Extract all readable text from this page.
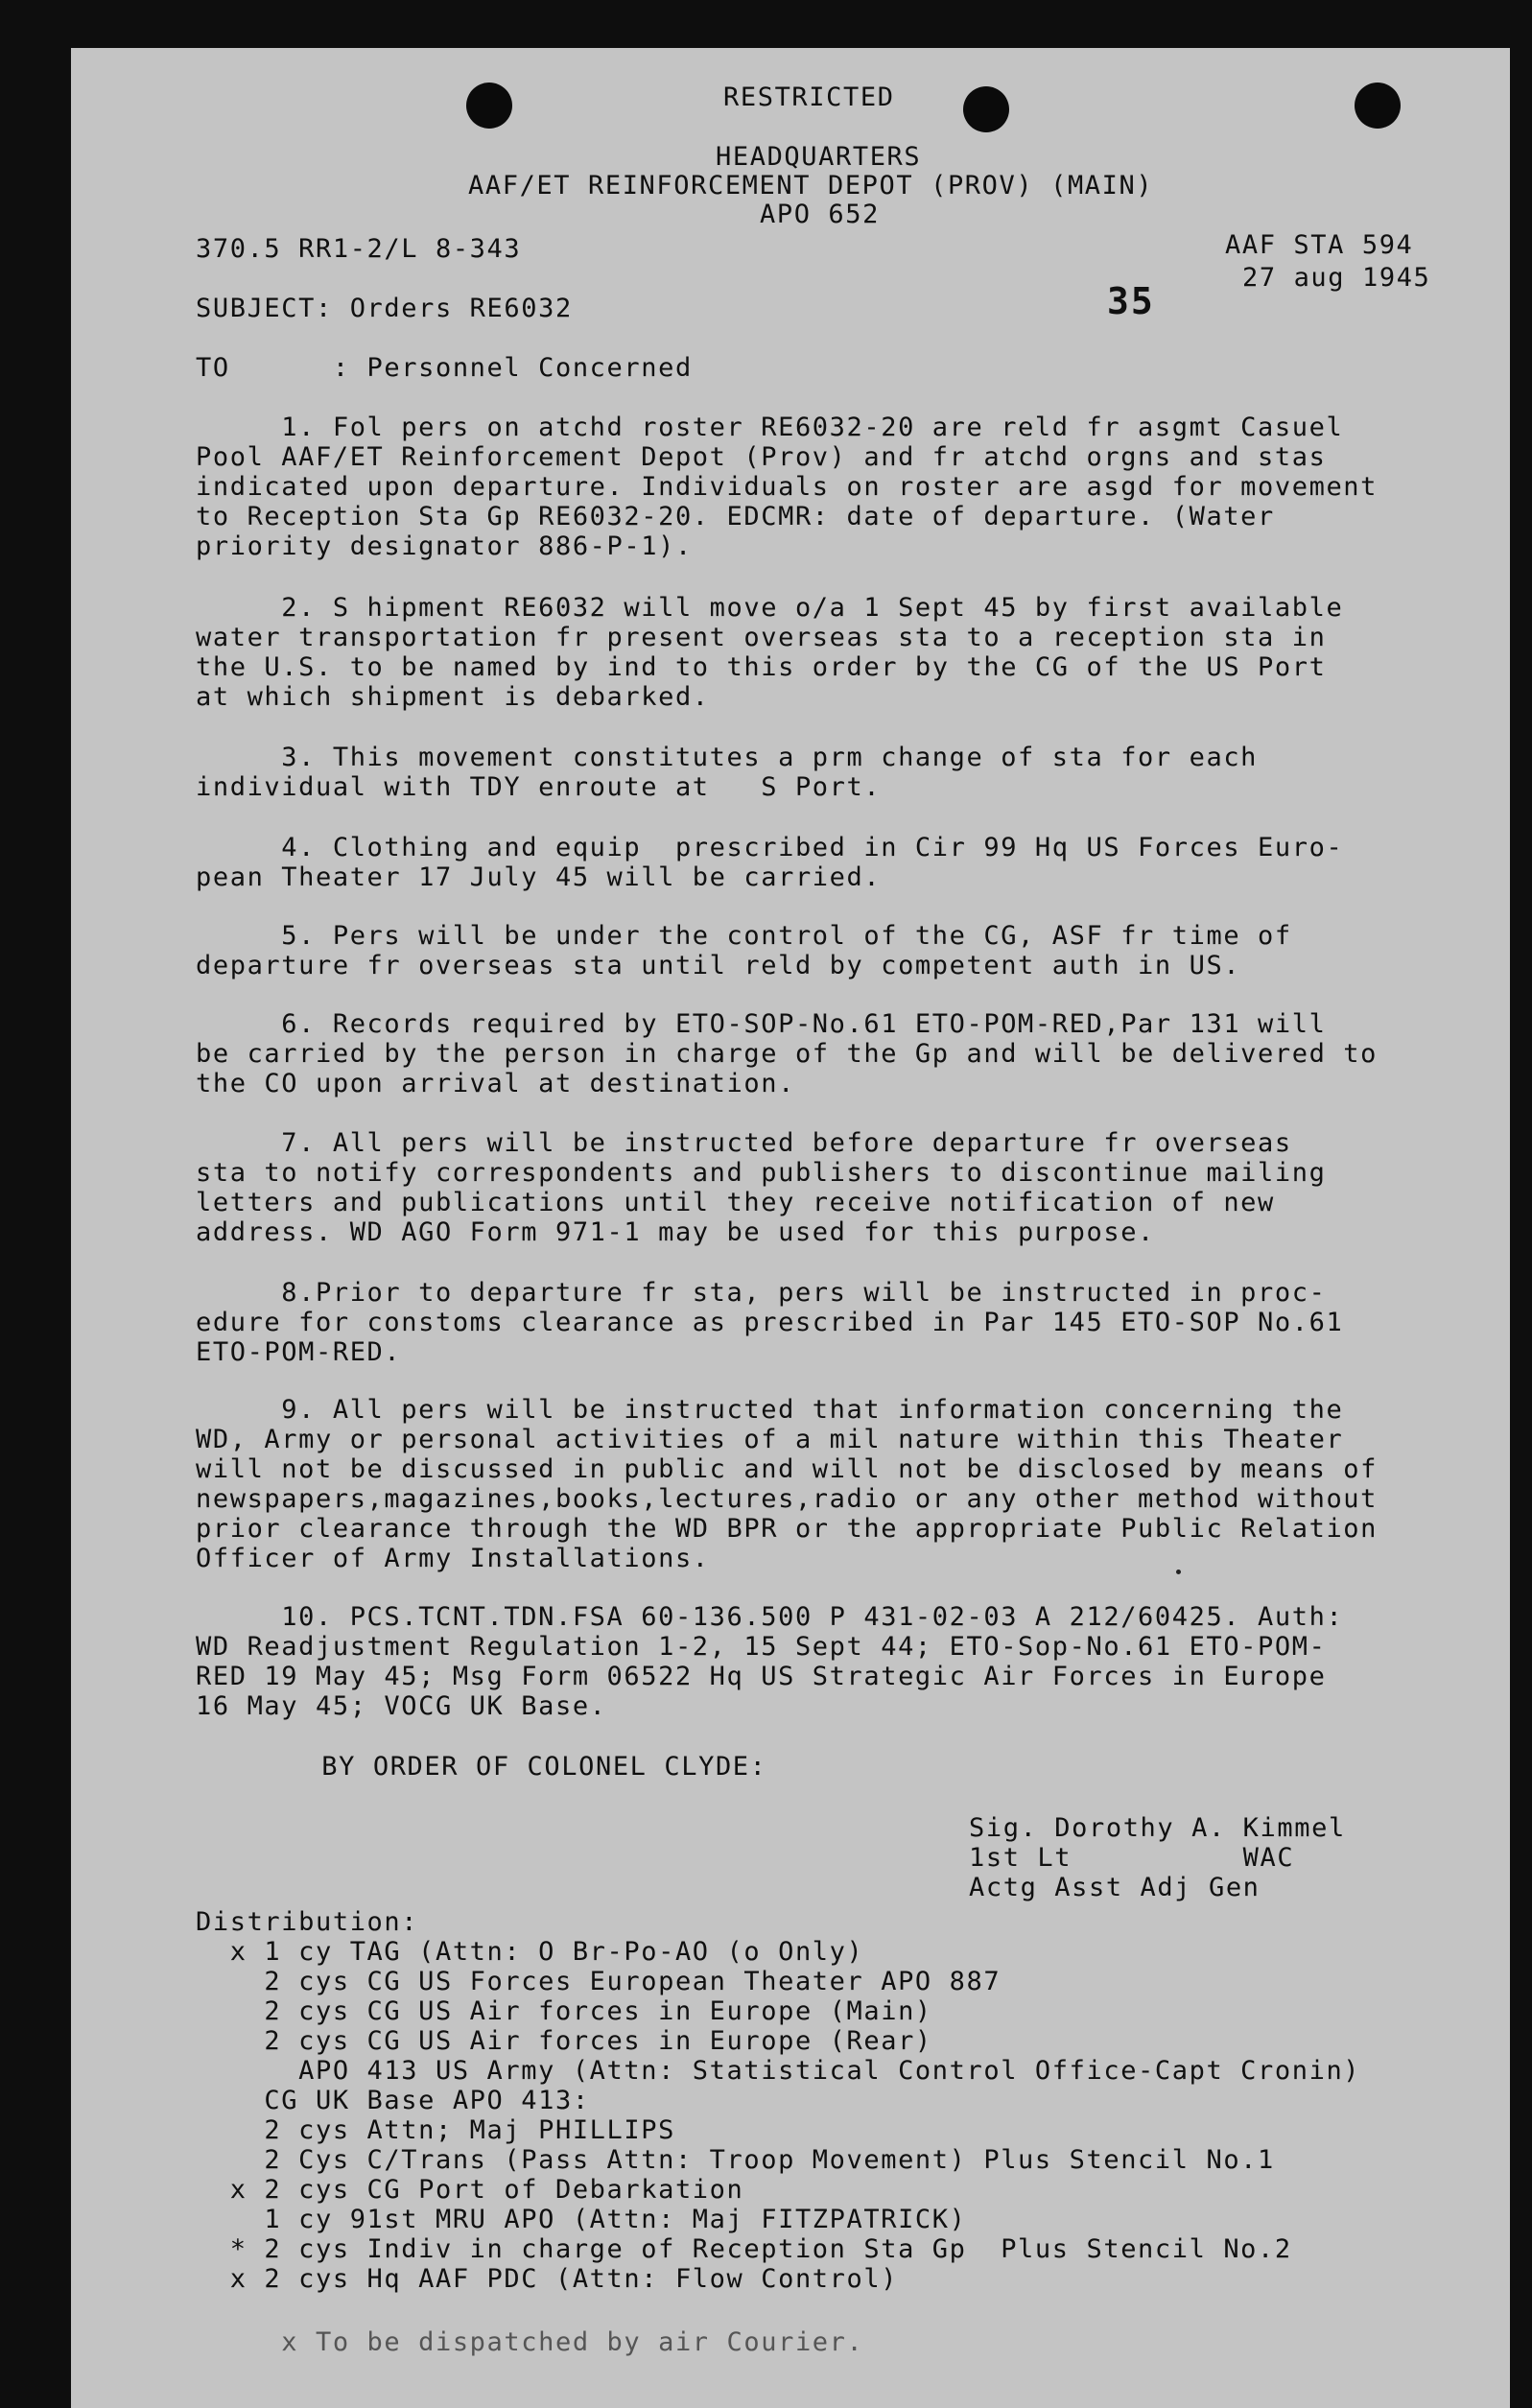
RESTRICTED
HEADQUARTERS
AAF/ET REINFORCEMENT DEPOT (PROV) (MAIN)
APO 652
370.5 RR1-2/L 8-343	AAF STA 594
27 aug 1945
SUBJECT: Orders RE6032	35
TO      : Personnel Concerned
1. Fol pers on atchd roster RE6032-20 are reld fr asgmt Casuel
Pool AAF/ET Reinforcement Depot (Prov) and fr atchd orgns and stas
indicated upon departure. Individuals on roster are asgd for movement
to Reception Sta Gp RE6032-20. EDCMR: date of departure. (Water
priority designator 886-P-1).
2. S hipment RE6032 will move o/a 1 Sept 45 by first available
water transportation fr present overseas sta to a reception sta in
the U.S. to be named by ind to this order by the CG of the US Port
at which shipment is debarked.
3. This movement constitutes a prm change of sta for each
individual with TDY enroute at   S Port.
4. Clothing and equip  prescribed in Cir 99 Hq US Forces Euro-
pean Theater 17 July 45 will be carried.
5. Pers will be under the control of the CG, ASF fr time of
departure fr overseas sta until reld by competent auth in US.
6. Records required by ETO-SOP-No.61 ETO-POM-RED,Par 131 will
be carried by the person in charge of the Gp and will be delivered to
the CO upon arrival at destination.
7. All pers will be instructed before departure fr overseas
sta to notify correspondents and publishers to discontinue mailing
letters and publications until they receive notification of new
address. WD AGO Form 971-1 may be used for this purpose.
8.Prior to departure fr sta, pers will be instructed in proc-
edure for constoms clearance as prescribed in Par 145 ETO-SOP No.61
ETO-POM-RED.
9. All pers will be instructed that information concerning the
WD, Army or personal activities of a mil nature within this Theater
will not be discussed in public and will not be disclosed by means of
newspapers,magazines,books,lectures,radio or any other method without
prior clearance through the WD BPR or the appropriate Public Relation
Officer of Army Installations.
10. PCS.TCNT.TDN.FSA 60-136.500 P 431-02-03 A 212/60425. Auth:
WD Readjustment Regulation 1-2, 15 Sept 44; ETO-Sop-No.61 ETO-POM-
RED 19 May 45; Msg Form 06522 Hq US Strategic Air Forces in Europe
16 May 45; VOCG UK Base.
BY ORDER OF COLONEL CLYDE:
Sig. Dorothy A. Kimmel
1st Lt          WAC
Actg Asst Adj Gen
Distribution:
x 1 cy TAG (Attn: O Br-Po-AO (o Only)
2 cys CG US Forces European Theater APO 887
2 cys CG US Air forces in Europe (Main)
2 cys CG US Air forces in Europe (Rear)
APO 413 US Army (Attn: Statistical Control Office-Capt Cronin)
CG UK Base APO 413:
2 cys Attn; Maj PHILLIPS
2 Cys C/Trans (Pass Attn: Troop Movement) Plus Stencil No.1
x 2 cys CG Port of Debarkation
1 cy 91st MRU APO (Attn: Maj FITZPATRICK)
* 2 cys Indiv in charge of Reception Sta Gp  Plus Stencil No.2
x 2 cys Hq AAF PDC (Attn: Flow Control)
x To be dispatched by air Courier.
